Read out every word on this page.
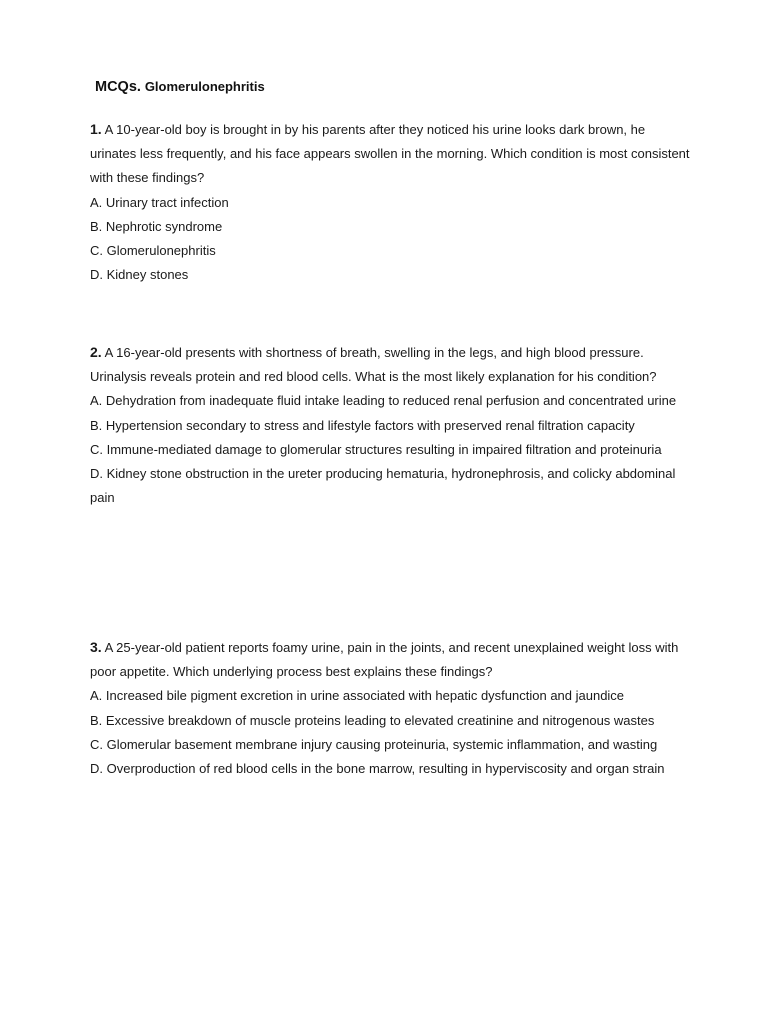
MCQs. Glomerulonephritis

1. A 10-year-old boy is brought in by his parents after they noticed his urine looks dark brown, he urinates less frequently, and his face appears swollen in the morning. Which condition is most consistent with these findings?

A. Urinary tract infection
B. Nephrotic syndrome
C. Glomerulonephritis
D. Kidney stones

2. A 16-year-old presents with shortness of breath, swelling in the legs, and high blood pressure. Urinalysis reveals protein and red blood cells. What is the most likely explanation for his condition?

A. Dehydration from inadequate fluid intake leading to reduced renal perfusion and concentrated urine
B. Hypertension secondary to stress and lifestyle factors with preserved renal filtration capacity
C. Immune-mediated damage to glomerular structures resulting in impaired filtration and proteinuria
D. Kidney stone obstruction in the ureter producing hematuria, hydronephrosis, and colicky abdominal pain

3. A 25-year-old patient reports foamy urine, pain in the joints, and recent unexplained weight loss with poor appetite. Which underlying process best explains these findings?

A. Increased bile pigment excretion in urine associated with hepatic dysfunction and jaundice
B. Excessive breakdown of muscle proteins leading to elevated creatinine and nitrogenous wastes
C. Glomerular basement membrane injury causing proteinuria, systemic inflammation, and wasting
D. Overproduction of red blood cells in the bone marrow, resulting in hyperviscosity and organ strain
